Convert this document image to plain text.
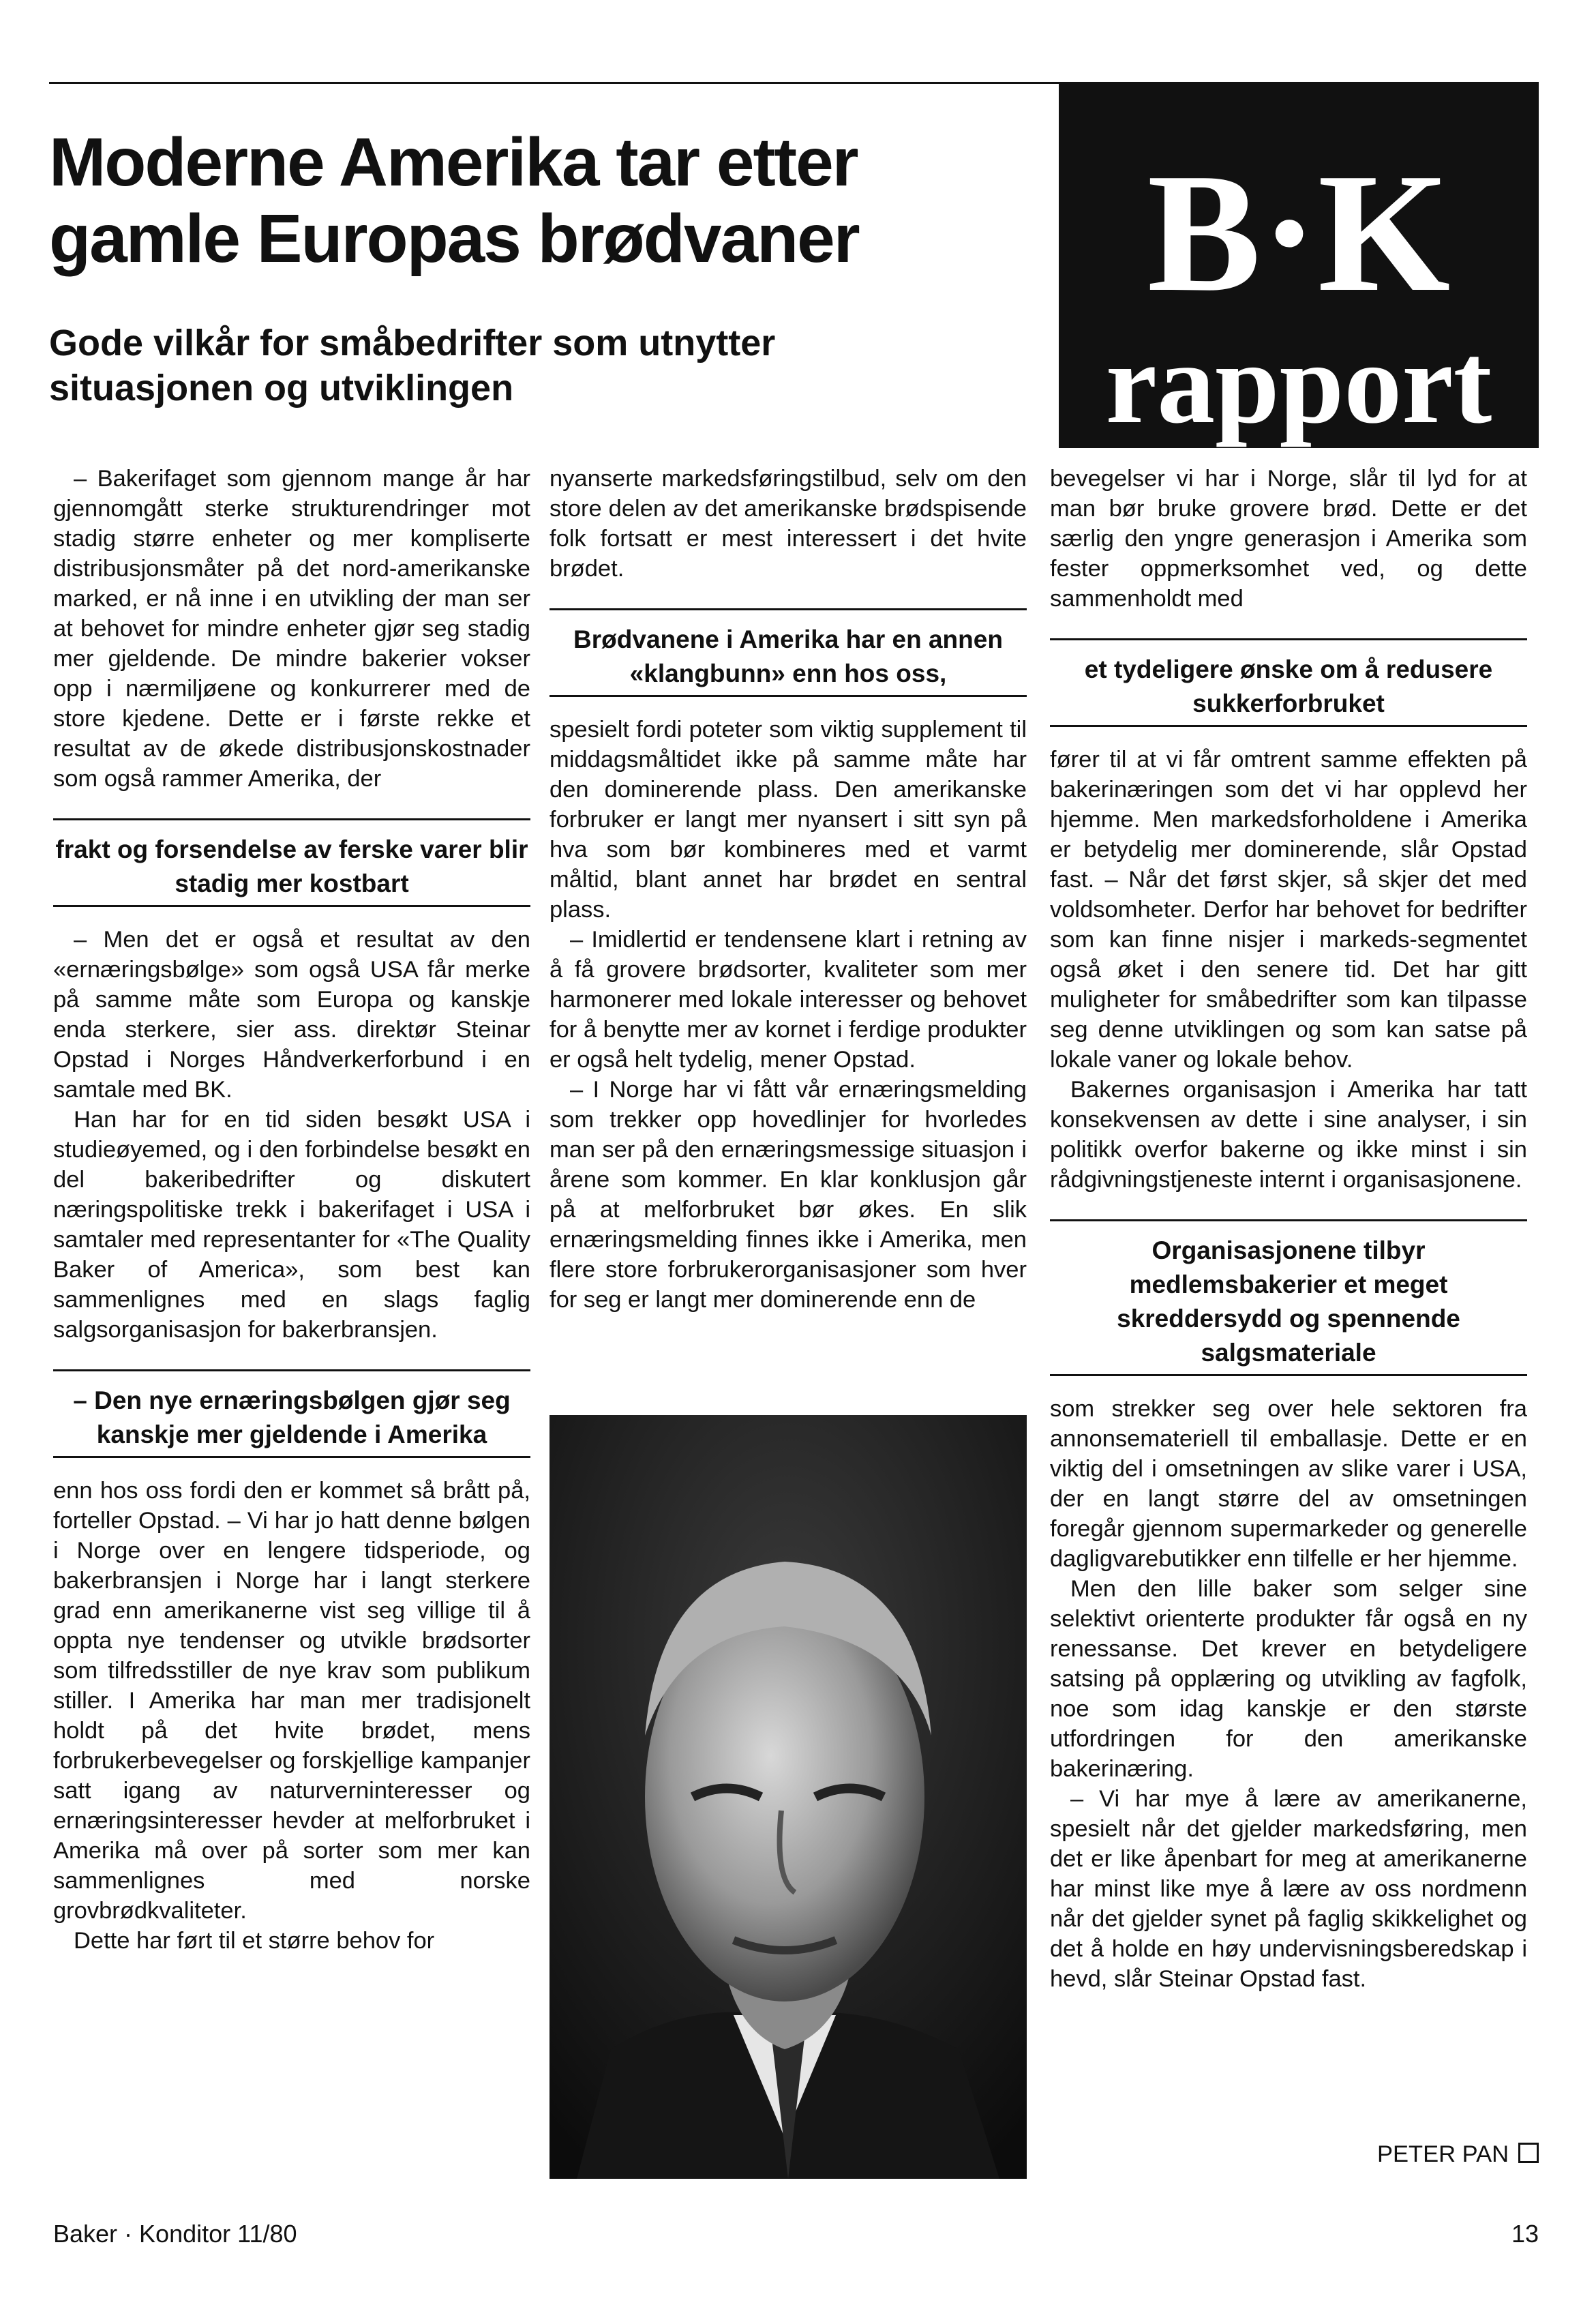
Moderne Amerika tar etter
gamle Europas brødvaner
Gode vilkår for småbedrifter som utnytter
situasjonen og utviklingen
B·K
rapport

– Bakerifaget som gjennom mange år har gjennomgått sterke strukturendringer mot stadig større enheter og mer kompliserte distribusjonsmåter på det nord-amerikanske marked, er nå inne i en utvikling der man ser at behovet for mindre enheter gjør seg stadig mer gjeldende. De mindre bakerier vokser opp i nærmiljøene og konkurrerer med de store kjedene. Dette er i første rekke et resultat av de økede distribusjonskostnader som også rammer Amerika, der

frakt og forsendelse av ferske varer blir stadig mer kostbart

– Men det er også et resultat av den «ernæringsbølge» som også USA får merke på samme måte som Europa og kanskje enda sterkere, sier ass. direktør Steinar Opstad i Norges Håndverkerforbund i en samtale med BK.

Han har for en tid siden besøkt USA i studieøyemed, og i den forbindelse besøkt en del bakeribedrifter og diskutert næringspolitiske trekk i bakerifaget i USA i samtaler med representanter for «The Quality Baker of America», som best kan sammenlignes med en slags faglig salgsorganisasjon for bakerbransjen.

– Den nye ernæringsbølgen gjør seg kanskje mer gjeldende i Amerika

enn hos oss fordi den er kommet så brått på, forteller Opstad. – Vi har jo hatt denne bølgen i Norge over en lengere tidsperiode, og bakerbransjen i Norge har i langt sterkere grad enn amerikanerne vist seg villige til å oppta nye tendenser og utvikle brødsorter som tilfredsstiller de nye krav som publikum stiller. I Amerika har man mer tradisjonelt holdt på det hvite brødet, mens forbrukerbevegelser og forskjellige kampanjer satt igang av naturverninteresser og ernæringsinteresser hevder at melforbruket i Amerika må over på sorter som mer kan sammenlignes med norske grovbrødkvaliteter.

Dette har ført til et større behov for

nyanserte markedsføringstilbud, selv om den store delen av det amerikanske brødspisende folk fortsatt er mest interessert i det hvite brødet.

Brødvanene i Amerika har en annen «klangbunn» enn hos oss,

spesielt fordi poteter som viktig supplement til middagsmåltidet ikke på samme måte har den dominerende plass. Den amerikanske forbruker er langt mer nyansert i sitt syn på hva som bør kombineres med et varmt måltid, blant annet har brødet en sentral plass.

– Imidlertid er tendensene klart i retning av å få grovere brødsorter, kvaliteter som mer harmonerer med lokale interesser og behovet for å benytte mer av kornet i ferdige produkter er også helt tydelig, mener Opstad.

– I Norge har vi fått vår ernæringsmelding som trekker opp hovedlinjer for hvorledes man ser på den ernæringsmessige situasjon i årene som kommer. En klar konklusjon går på at melforbruket bør økes. En slik ernæringsmelding finnes ikke i Amerika, men flere store forbrukerorganisasjoner som hver for seg er langt mer dominerende enn de

bevegelser vi har i Norge, slår til lyd for at man bør bruke grovere brød. Dette er det særlig den yngre generasjon i Amerika som fester oppmerksomhet ved, og dette sammenholdt med

et tydeligere ønske om å redusere sukkerforbruket

fører til at vi får omtrent samme effekten på bakerinæringen som det vi har opplevd her hjemme. Men markedsforholdene i Amerika er betydelig mer dominerende, slår Opstad fast. – Når det først skjer, så skjer det med voldsomheter. Derfor har behovet for bedrifter som kan finne nisjer i markeds-segmentet også øket i den senere tid. Det har gitt muligheter for småbedrifter som kan tilpasse seg denne utviklingen og som kan satse på lokale vaner og lokale behov.

Bakernes organisasjon i Amerika har tatt konsekvensen av dette i sine analyser, i sin politikk overfor bakerne og ikke minst i sin rådgivningstjeneste internt i organisasjonene.

Organisasjonene tilbyr medlemsbakerier et meget skreddersydd og spennende salgsmateriale

som strekker seg over hele sektoren fra annonsemateriell til emballasje. Dette er en viktig del i omsetningen av slike varer i USA, der en langt større del av omsetningen foregår gjennom supermarkeder og generelle dagligvarebutikker enn tilfelle er her hjemme.

Men den lille baker som selger sine selektivt orienterte produkter får også en ny renessanse. Det krever en betydeligere satsing på opplæring og utvikling av fagfolk, noe som idag kanskje er den største utfordringen for den amerikanske bakerinæring.

– Vi har mye å lære av amerikanerne, spesielt når det gjelder markedsføring, men det er like åpenbart for meg at amerikanerne har minst like mye å lære av oss nordmenn når det gjelder synet på faglig skikkelighet og det å holde en høy undervisningsberedskap i hevd, slår Steinar Opstad fast.

PETER PAN
Baker · Konditor 11/80	13
